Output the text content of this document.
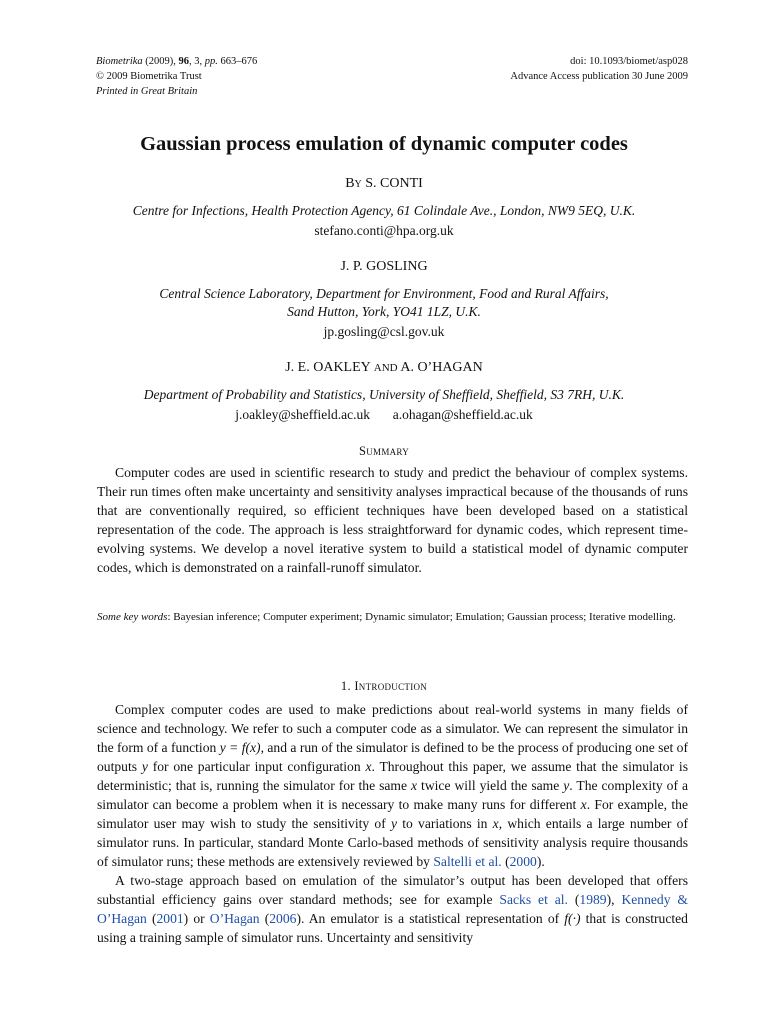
Biometrika (2009), 96, 3, pp. 663–676
© 2009 Biometrika Trust
Printed in Great Britain
doi: 10.1093/biomet/asp028
Advance Access publication 30 June 2009
Gaussian process emulation of dynamic computer codes
By S. CONTI
Centre for Infections, Health Protection Agency, 61 Colindale Ave., London, NW9 5EQ, U.K.
stefano.conti@hpa.org.uk
J. P. GOSLING
Central Science Laboratory, Department for Environment, Food and Rural Affairs,
Sand Hutton, York, YO41 1LZ, U.K.
jp.gosling@csl.gov.uk
J. E. OAKLEY AND A. O’HAGAN
Department of Probability and Statistics, University of Sheffield, Sheffield, S3 7RH, U.K.
j.oakley@sheffield.ac.uk a.ohagan@sheffield.ac.uk
Summary

Computer codes are used in scientific research to study and predict the behaviour of complex systems. Their run times often make uncertainty and sensitivity analyses impractical because of the thousands of runs that are conventionally required, so efficient techniques have been developed based on a statistical representation of the code. The approach is less straightforward for dynamic codes, which represent time-evolving systems. We develop a novel iterative system to build a statistical model of dynamic computer codes, which is demonstrated on a rainfall-runoff simulator.

Some key words: Bayesian inference; Computer experiment; Dynamic simulator; Emulation; Gaussian process; Iterative modelling.
1. Introduction

Complex computer codes are used to make predictions about real-world systems in many fields of science and technology. We refer to such a computer code as a simulator. We can represent the simulator in the form of a function y = f(x), and a run of the simulator is defined to be the process of producing one set of outputs y for one particular input configuration x. Throughout this paper, we assume that the simulator is deterministic; that is, running the simulator for the same x twice will yield the same y. The complexity of a simulator can become a problem when it is necessary to make many runs for different x. For example, the simulator user may wish to study the sensitivity of y to variations in x, which entails a large number of simulator runs. In particular, standard Monte Carlo-based methods of sensitivity analysis require thousands of simulator runs; these methods are extensively reviewed by Saltelli et al. (2000).

A two-stage approach based on emulation of the simulator’s output has been developed that offers substantial efficiency gains over standard methods; see for example Sacks et al. (1989), Kennedy & O’Hagan (2001) or O’Hagan (2006). An emulator is a statistical representation of f(·) that is constructed using a training sample of simulator runs. Uncertainty and sensitivity
